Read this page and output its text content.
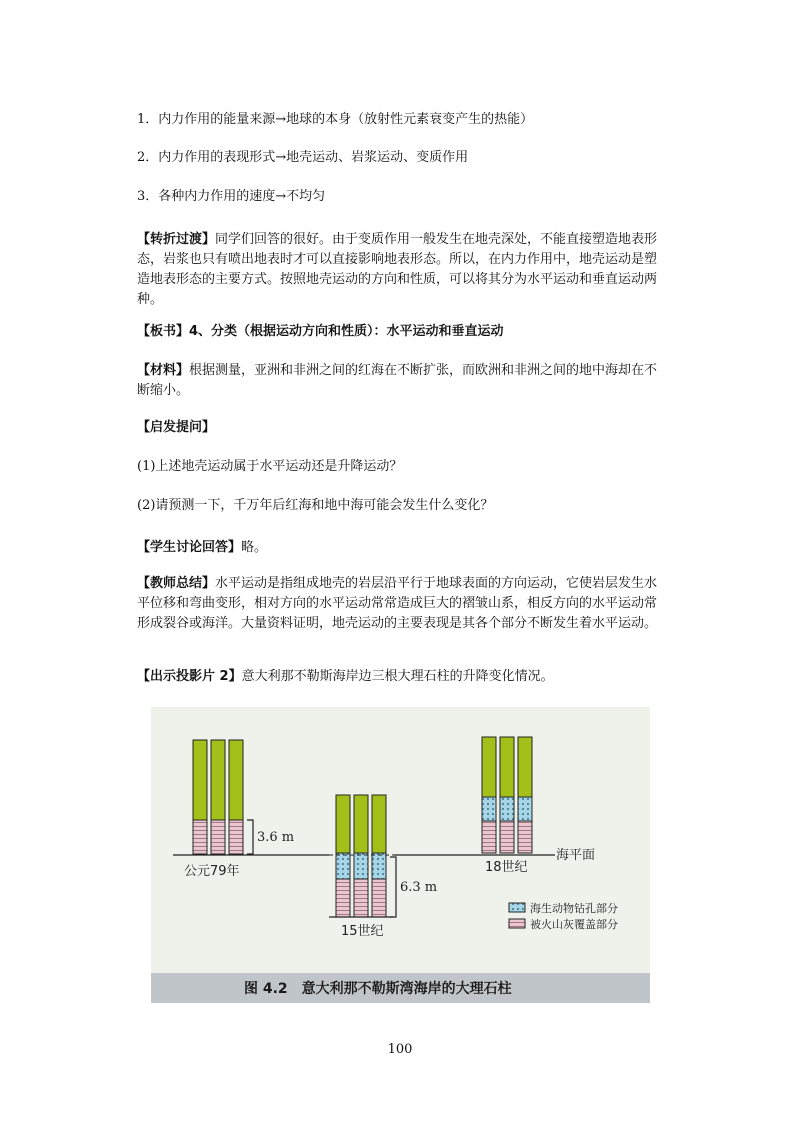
1．内力作用的能量来源→地球的本身（放射性元素衰变产生的热能）

2．内力作用的表现形式→地壳运动、岩浆运动、变质作用

3．各种内力作用的速度→不均匀

【转折过渡】同学们回答的很好。由于变质作用一般发生在地壳深处，不能直接塑造地表形态，岩浆也只有喷出地表时才可以直接影响地表形态。所以，在内力作用中，地壳运动是塑造地表形态的主要方式。按照地壳运动的方向和性质，可以将其分为水平运动和垂直运动两种。

【板书】4、分类（根据运动方向和性质）：水平运动和垂直运动

【材料】根据测量，亚洲和非洲之间的红海在不断扩张，而欧洲和非洲之间的地中海却在不断缩小。

【启发提问】

(1)上述地壳运动属于水平运动还是升降运动？

(2)请预测一下，千万年后红海和地中海可能会发生什么变化？

【学生讨论回答】略。

【教师总结】水平运动是指组成地壳的岩层沿平行于地球表面的方向运动，它使岩层发生水平位移和弯曲变形，相对方向的水平运动常常造成巨大的褶皱山系，相反方向的水平运动常形成裂谷或海洋。大量资料证明，地壳运动的主要表现是其各个部分不断发生着水平运动。

【出示投影片 2】意大利那不勒斯海岸边三根大理石柱的升降变化情况。

3.6 m
公元79年
6.3 m
15世纪
18世纪
海平面
海生动物钻孔部分
被火山灰覆盖部分
图 4.2　意大利那不勒斯湾海岸的大理石柱
100
